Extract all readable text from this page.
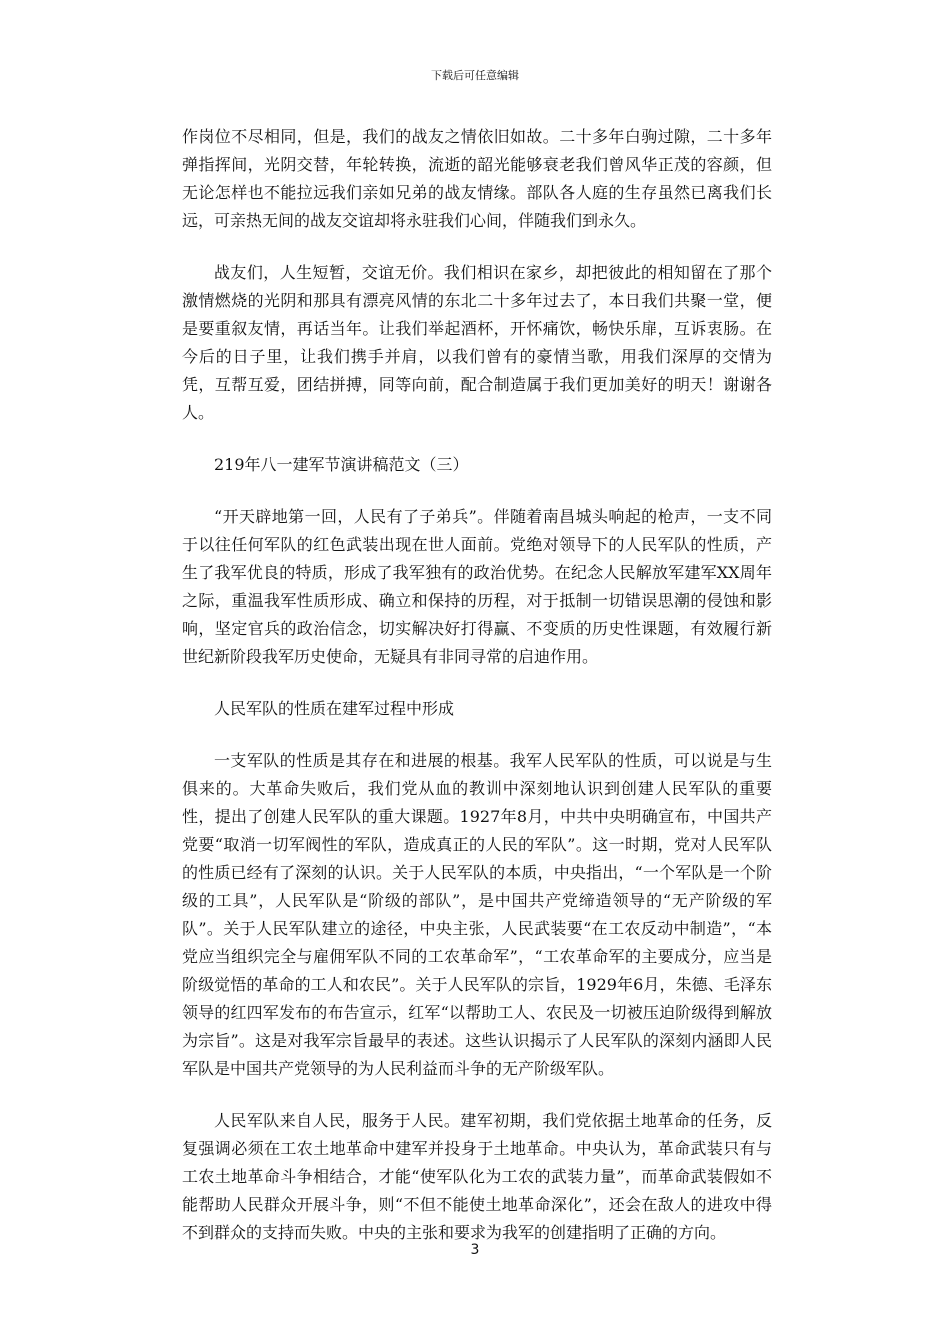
下载后可任意编辑

作岗位不尽相同，但是，我们的战友之情依旧如故。二十多年白驹过隙，二十多年弹指挥间，光阴交替，年轮转换，流逝的韶光能够衰老我们曾风华正茂的容颜，但无论怎样也不能拉远我们亲如兄弟的战友情缘。部队各人庭的生存虽然已离我们长远，可亲热无间的战友交谊却将永驻我们心间，伴随我们到永久。

战友们，人生短暂，交谊无价。我们相识在家乡，却把彼此的相知留在了那个激情燃烧的光阴和那具有漂亮风情的东北二十多年过去了，本日我们共聚一堂，便是要重叙友情，再话当年。让我们举起酒杯，开怀痛饮，畅快乐扉，互诉衷肠。在今后的日子里，让我们携手并肩，以我们曾有的豪情当歌，用我们深厚的交情为凭，互帮互爱，团结拼搏，同等向前，配合制造属于我们更加美好的明天！谢谢各人。

219年八一建军节演讲稿范文（三）

“开天辟地第一回，人民有了子弟兵”。伴随着南昌城头响起的枪声，一支不同于以往任何军队的红色武装出现在世人面前。党绝对领导下的人民军队的性质，产生了我军优良的特质，形成了我军独有的政治优势。在纪念人民解放军建军XX周年之际，重温我军性质形成、确立和保持的历程，对于抵制一切错误思潮的侵蚀和影响，坚定官兵的政治信念，切实解决好打得赢、不变质的历史性课题，有效履行新世纪新阶段我军历史使命，无疑具有非同寻常的启迪作用。

人民军队的性质在建军过程中形成

一支军队的性质是其存在和进展的根基。我军人民军队的性质，可以说是与生俱来的。大革命失败后，我们党从血的教训中深刻地认识到创建人民军队的重要性，提出了创建人民军队的重大课题。1927年8月，中共中央明确宣布，中国共产党要“取消一切军阀性的军队，造成真正的人民的军队”。这一时期，党对人民军队的性质已经有了深刻的认识。关于人民军队的本质，中央指出，“一个军队是一个阶级的工具”，人民军队是“阶级的部队”，是中国共产党缔造领导的“无产阶级的军队”。关于人民军队建立的途径，中央主张，人民武装要“在工农反动中制造”，“本党应当组织完全与雇佣军队不同的工农革命军”，“工农革命军的主要成分，应当是阶级觉悟的革命的工人和农民”。关于人民军队的宗旨，1929年6月，朱德、毛泽东领导的红四军发布的布告宣示，红军“以帮助工人、农民及一切被压迫阶级得到解放为宗旨”。这是对我军宗旨最早的表述。这些认识揭示了人民军队的深刻内涵即人民军队是中国共产党领导的为人民利益而斗争的无产阶级军队。

人民军队来自人民，服务于人民。建军初期，我们党依据土地革命的任务，反复强调必须在工农土地革命中建军并投身于土地革命。中央认为，革命武装只有与工农土地革命斗争相结合，才能“使军队化为工农的武装力量”，而革命武装假如不能帮助人民群众开展斗争，则“不但不能使土地革命深化”，还会在敌人的进攻中得不到群众的支持而失败。中央的主张和要求为我军的创建指明了正确的方向。

3
